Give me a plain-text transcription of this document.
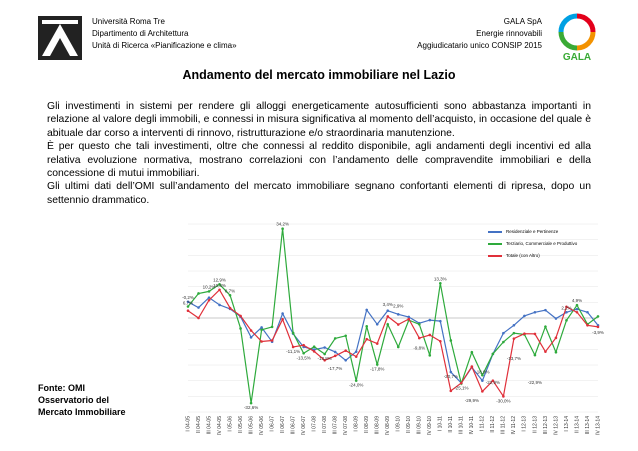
Università Roma Tre
Dipartimento di Architettura
Unità di Ricerca «Pianificazione e clima»
GALA SpA
Energie rinnovabili
Aggiudicatario unico CONSIP 2015
GALA
Andamento del mercato immobiliare nel Lazio

Gli investimenti in sistemi per rendere gli alloggi energeticamente autosufficienti sono abbastanza importanti in relazione al valore degli immobili, e connessi in misura significativa al momento dell’acquisto, in occasione del quale è abituale dar corso a interventi di rinnovo, ristrutturazione e/o straordinaria manutenzione.

È per questo che tali investimenti, oltre che connessi al reddito disponibile, agli andamenti degli incentivi ed alla relativa evoluzione normativa, mostrano correlazioni con l’andamento delle compravendite immobiliari e della concessione di mutui immobiliari.

Gli ultimi dati dell’OMI sull’andamento del mercato immobiliare segnano confortanti elementi di ripresa, dopo un settennio drammatico.

Fonte: OMI
Osservatorio del
Mercato Immobiliare
-0,2%
6,7%
10,2%
12,9%
10,8%
8,7%
-32,6%
34,2%
-11,1%
-13,5% -13,8%
-17,7%
-24,0%
-17,8%
3,4% 2,9%
-9,8%
13,3%
-20,7%
-25,1%
-29,9%
-18,9%
-22,9%
-30,0%
-13,7%
-22,9%
2,2%
4,9%
-3,9%
I 04-05 II 04-05 III 04-05 IV 04-05 I 05-06 II 05-06 III 05-06 IV 05-06 I 06-07 II 06-07 III 06-07 IV 06-07 I 07-08 II 07-08 III 07-08 IV 07-08 I 08-09 II 08-09 III 08-09 IV 08-09 I 09-10 II 09-10 III 09-10 IV 09-10 I 10-11 II 10-11 III 10-11 IV 10-11 I 11-12 II 11-12 III 11-12 IV 11-12 I 12-13 II 12-13 III 12-13 IV 12-13 I 13-14 II 13-14 III 13-14 IV 13-14
Residenziale e Pertinenze
Terziario, Commerciale e Produttivo
Totale (con Altro)
